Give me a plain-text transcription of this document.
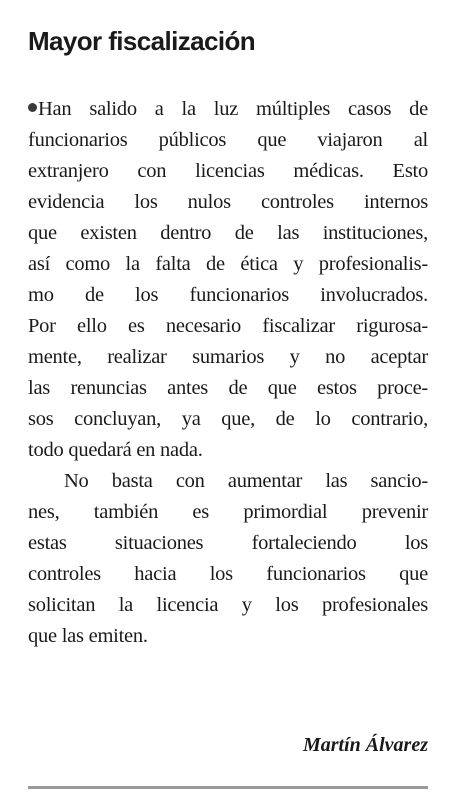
Mayor fiscalización
Han salido a la luz múltiples casos de
funcionarios públicos que viajaron al
extranjero con licencias médicas. Esto
evidencia los nulos controles internos
que existen dentro de las instituciones,
así como la falta de ética y profesionalis-
mo de los funcionarios involucrados.
Por ello es necesario fiscalizar rigurosa-
mente, realizar sumarios y no aceptar
las renuncias antes de que estos proce-
sos concluyan, ya que, de lo contrario,
todo quedará en nada.
No basta con aumentar las sancio-
nes, también es primordial prevenir
estas situaciones fortaleciendo los
controles hacia los funcionarios que
solicitan la licencia y los profesionales
que las emiten.

Martín Álvarez
